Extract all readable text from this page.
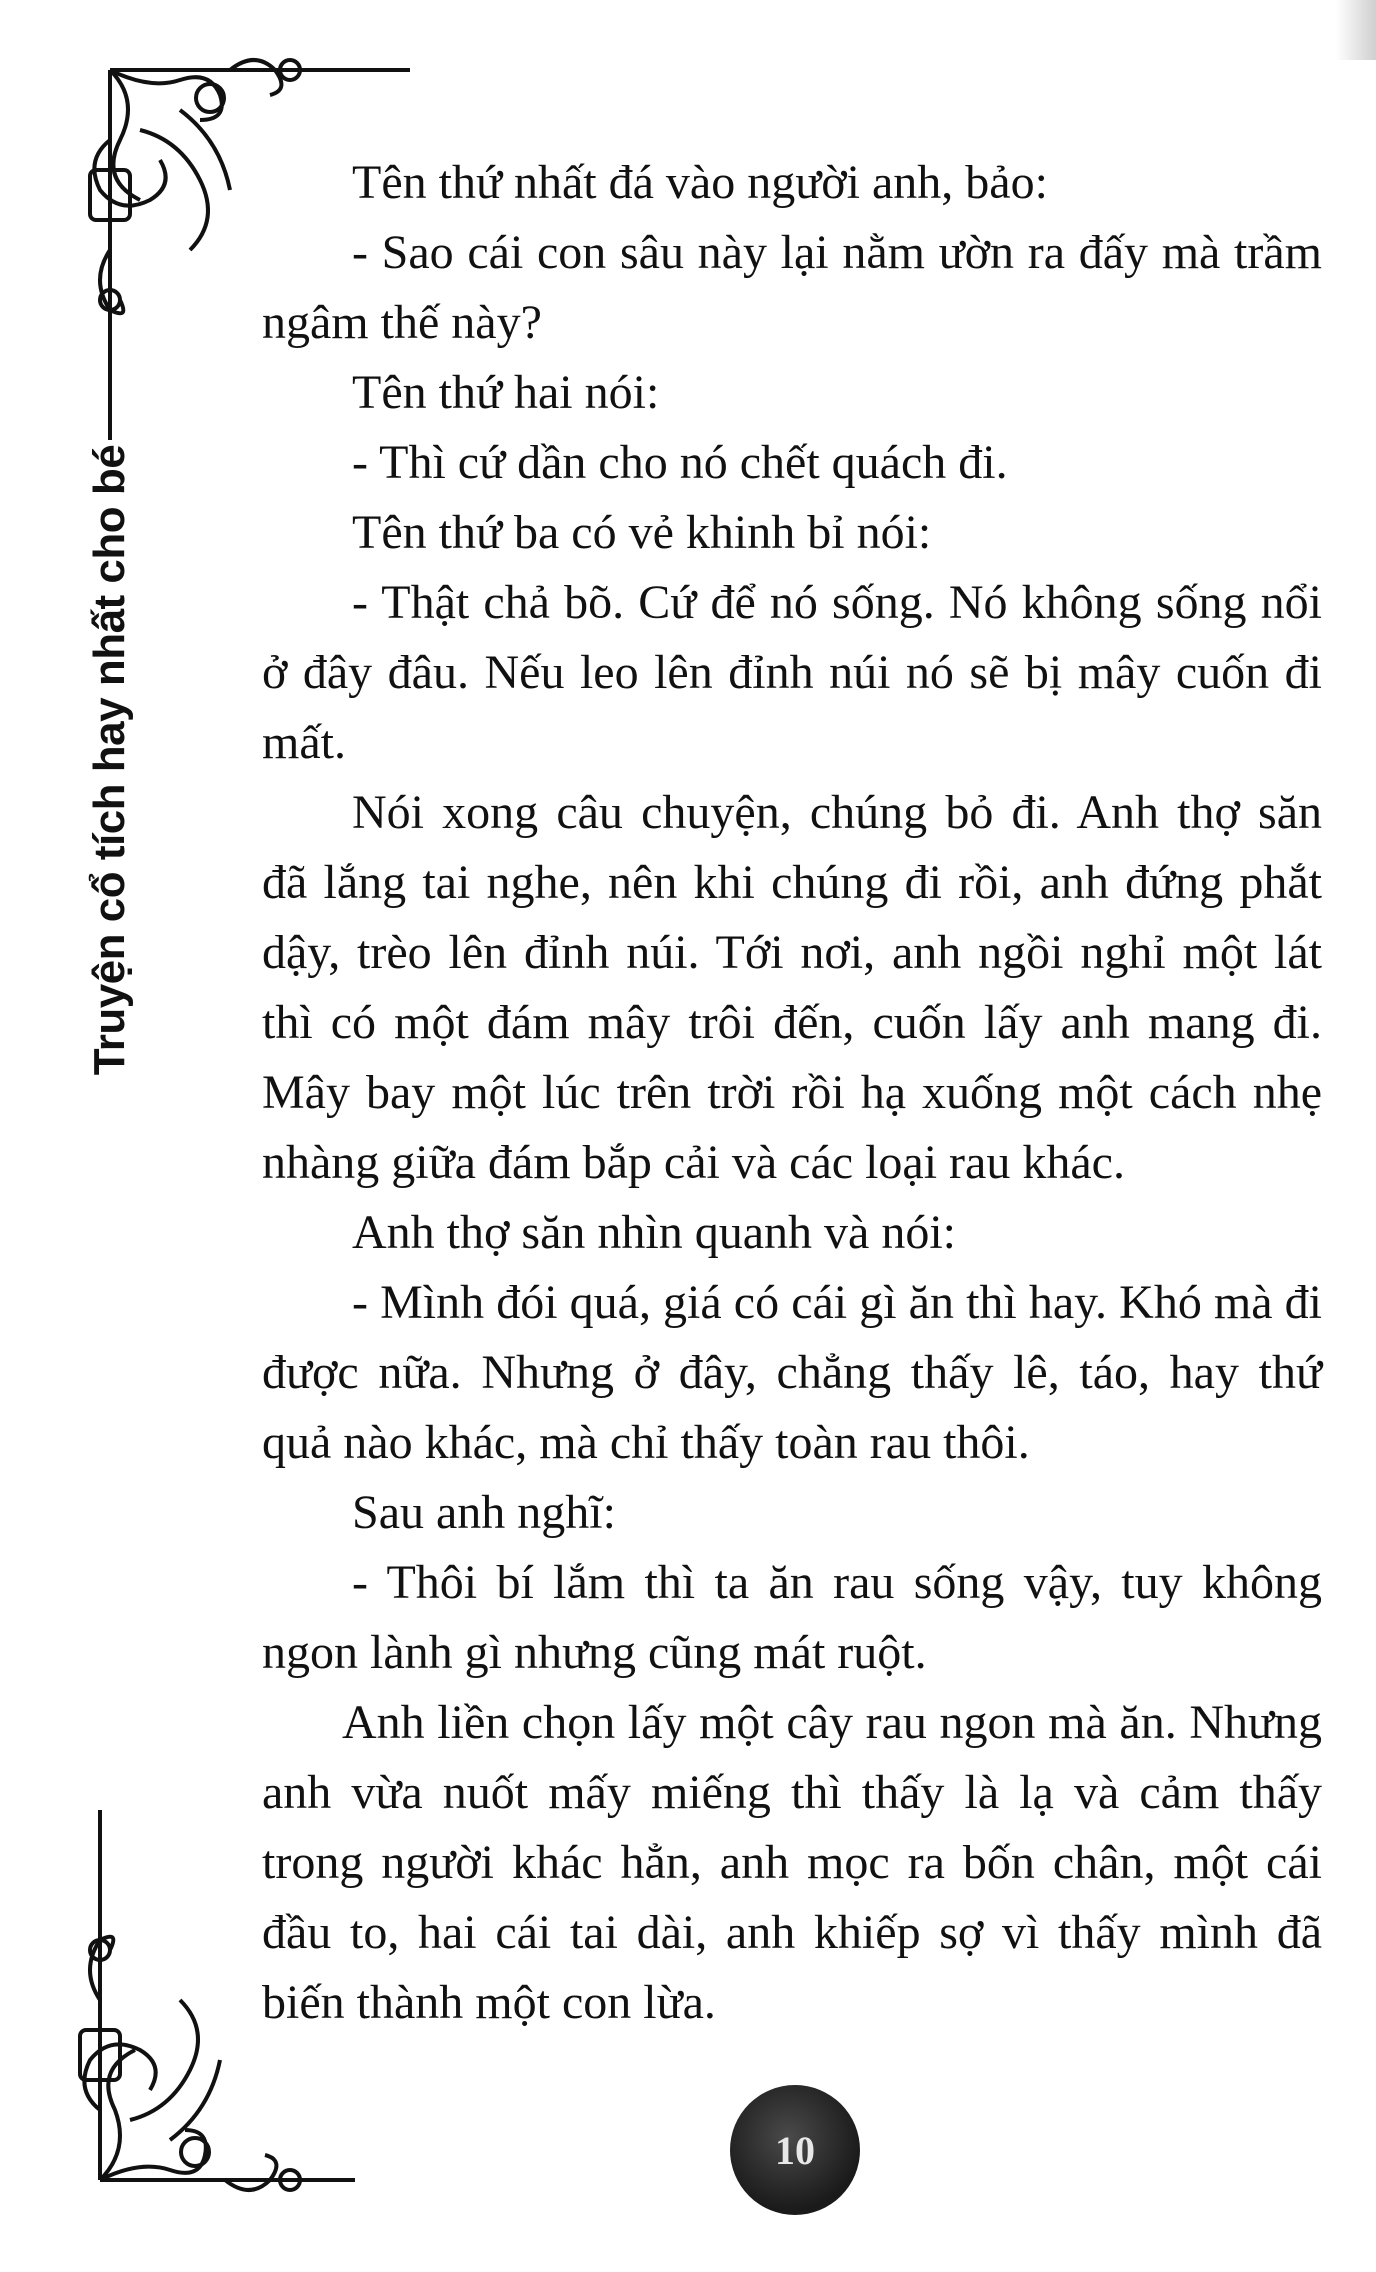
Truyện cổ tích hay nhất cho bé

Tên thứ nhất đá vào người anh, bảo:

- Sao cái con sâu này lại nằm ườn ra đấy mà trầm ngâm thế này?

Tên thứ hai nói:

- Thì cứ dần cho nó chết quách đi.

Tên thứ ba có vẻ khinh bỉ nói:

- Thật chả bõ. Cứ để nó sống. Nó không sống nổi ở đây đâu. Nếu leo lên đỉnh núi nó sẽ bị mây cuốn đi mất.

Nói xong câu chuyện, chúng bỏ đi. Anh thợ săn đã lắng tai nghe, nên khi chúng đi rồi, anh đứng phắt dậy, trèo lên đỉnh núi. Tới nơi, anh ngồi nghỉ một lát thì có một đám mây trôi đến, cuốn lấy anh mang đi. Mây bay một lúc trên trời rồi hạ xuống một cách nhẹ nhàng giữa đám bắp cải và các loại rau khác.

Anh thợ săn nhìn quanh và nói:

- Mình đói quá, giá có cái gì ăn thì hay. Khó mà đi được nữa. Nhưng ở đây, chẳng thấy lê, táo, hay thứ quả nào khác, mà chỉ thấy toàn rau thôi.

Sau anh nghĩ:

- Thôi bí lắm thì ta ăn rau sống vậy, tuy không ngon lành gì nhưng cũng mát ruột.

Anh liền chọn lấy một cây rau ngon mà ăn. Nhưng anh vừa nuốt mấy miếng thì thấy là lạ và cảm thấy trong người khác hẳn, anh mọc ra bốn chân, một cái đầu to, hai cái tai dài, anh khiếp sợ vì thấy mình đã biến thành một con lừa.

10
